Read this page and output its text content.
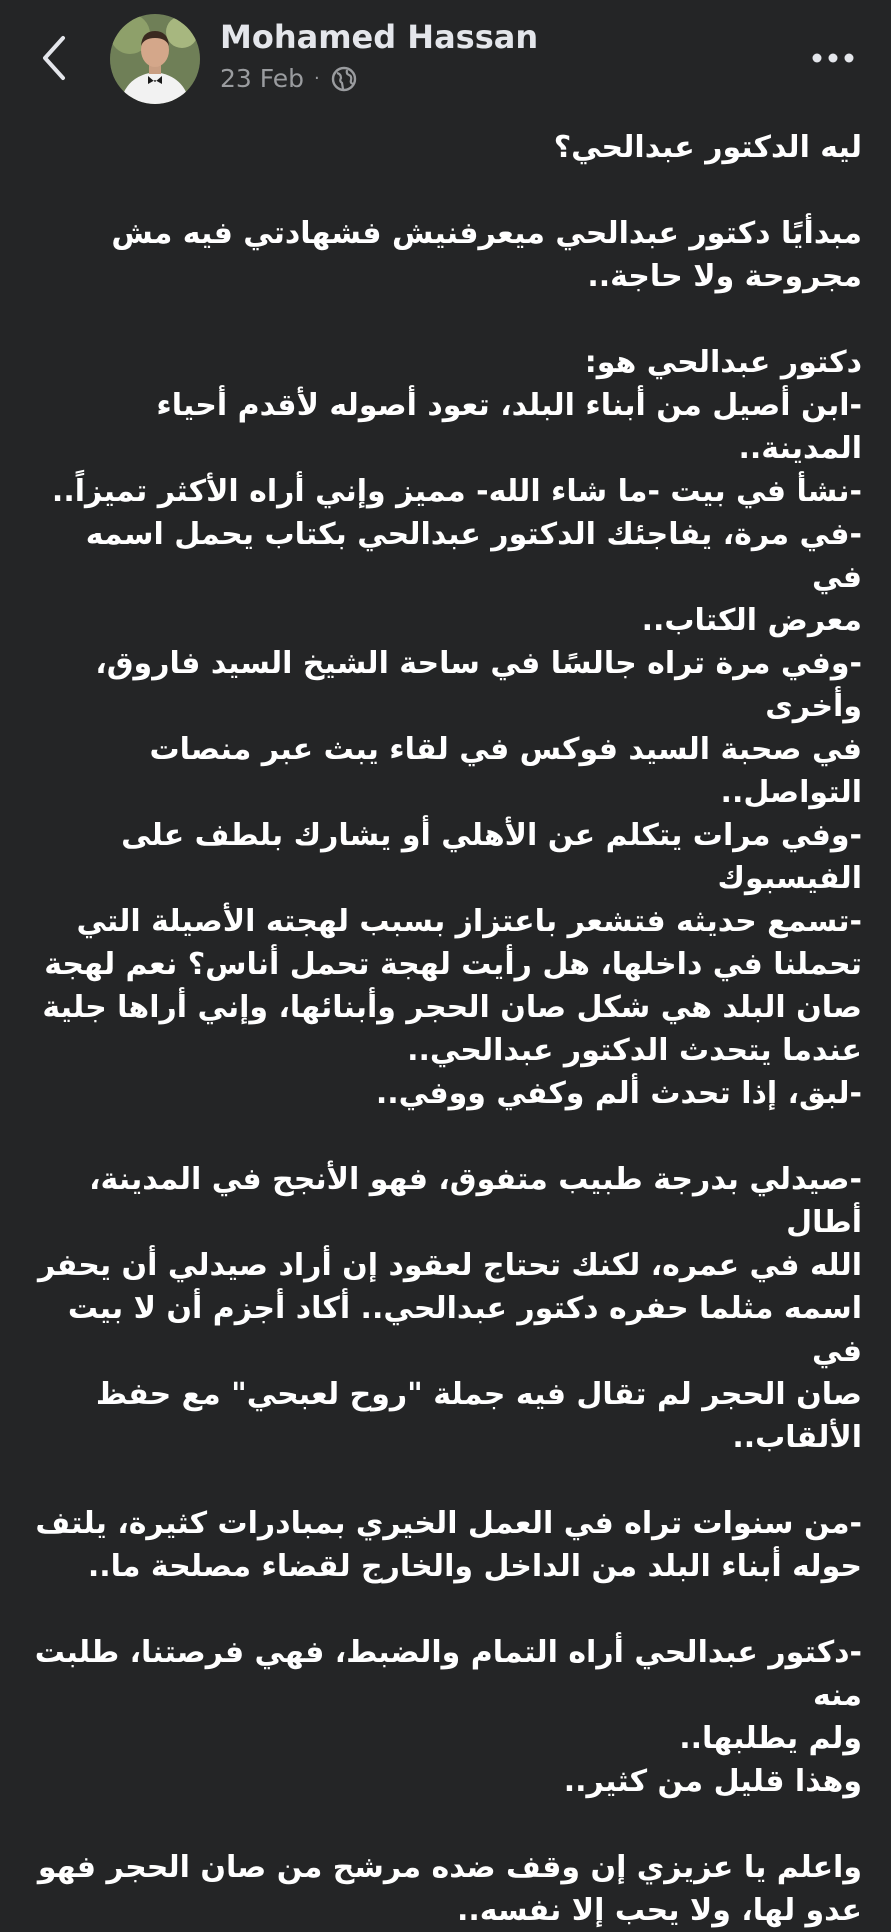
Mohamed Hassan
23 Feb ·

ليه الدكتور عبدالحي؟

مبدأيًا دكتور عبدالحي ميعرفنيش فشهادتي فيه مش
مجروحة ولا حاجة..

دكتور عبدالحي هو:
-ابن أصيل من أبناء البلد، تعود أصوله لأقدم أحياء المدينة..
-نشأ في بيت -ما شاء الله- مميز وإني أراه الأكثر تميزاً..
-في مرة، يفاجئك الدكتور عبدالحي بكتاب يحمل اسمه في
معرض الكتاب..
-وفي مرة تراه جالسًا في ساحة الشيخ السيد فاروق، وأخرى
في صحبة السيد فوكس في لقاء يبث عبر منصات التواصل..
-وفي مرات يتكلم عن الأهلي أو يشارك بلطف على الفيسبوك
-تسمع حديثه فتشعر باعتزاز بسبب لهجته الأصيلة التي
تحملنا في داخلها، هل رأيت لهجة تحمل أناس؟ نعم لهجة
صان البلد هي شكل صان الحجر وأبنائها، وإني أراها جلية
عندما يتحدث الدكتور عبدالحي..
-لبق، إذا تحدث ألم وكفي ووفي..

-صيدلي بدرجة طبيب متفوق، فهو الأنجح في المدينة، أطال
الله في عمره، لكنك تحتاج لعقود إن أراد صيدلي أن يحفر
اسمه مثلما حفره دكتور عبدالحي.. أكاد أجزم أن لا بيت في
صان الحجر لم تقال فيه جملة "روح لعبحي" مع حفظ
الألقاب..

-من سنوات تراه في العمل الخيري بمبادرات كثيرة، يلتف
حوله أبناء البلد من الداخل والخارج لقضاء مصلحة ما..

-دكتور عبدالحي أراه التمام والضبط، فهي فرصتنا، طلبت منه
ولم يطلبها..
وهذا قليل من كثير..

واعلم يا عزيزي إن وقف ضده مرشح من صان الحجر فهو
عدو لها، ولا يحب إلا نفسه..
